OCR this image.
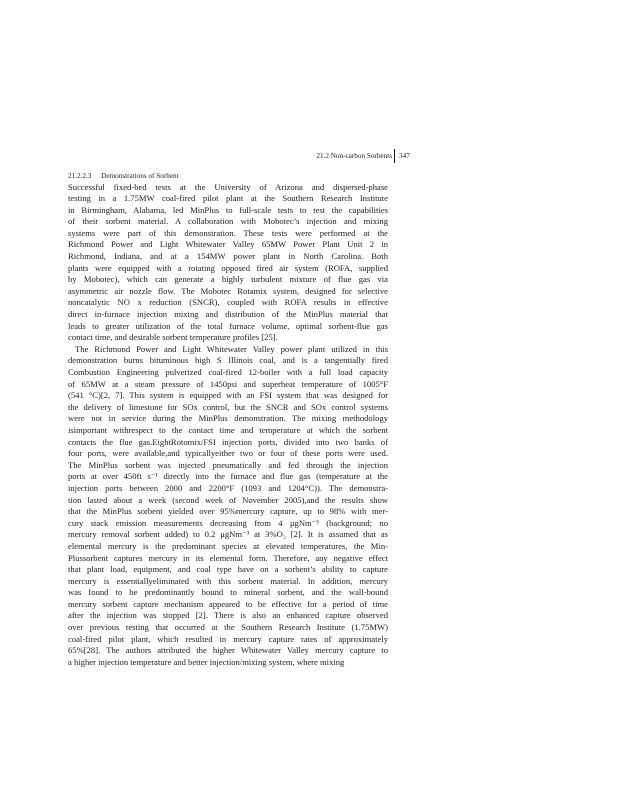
21.2 Non-carbon Sorbents 347
21.2.2.3 Demonstrations of Sorbent
Successful fixed-bed tests at the University of Arizona and dispersed-phase
testing in a 1.75MW coal-fired pilot plant at the Southern Research Institute
in Birmingham, Alabama, led MinPlus to full-scale tests to test the capabilities
of their sorbent material. A collaboration with Mobotec’s injection and mixing
systems were part of this demonstration. These tests were performed at the
Richmond Power and Light Whitewater Valley 65MW Power Plant Unit 2 in
Richmond, Indiana, and at a 154MW power plant in North Carolina. Both
plants were equipped with a rotating opposed fired air system (ROFA, supplied
by Mobotec), which can generate a highly turbulent mixture of flue gas via
asymmetric air nozzle flow. The Mobotec Rotamix system, designed for selective
noncatalytic NO x reduction (SNCR), coupled with ROFA results in effective
direct in-furnace injection mixing and distribution of the MinPlus material that
leads to greater utilization of the total furnace volume, optimal sorbent-flue gas
contact time, and desirable sorbent temperature profiles [25].
The Richmond Power and Light Whitewater Valley power plant utilized in this
demonstration burns bituminous high S Illinois coal, and is a tangentially fired
Combustion Engineering pulverized coal-fired 12-boiler with a full load capacity
of 65MW at a steam pressure of 1450psi and superheat temperature of 1005°F
(541 °C)[2, 7]. This system is equipped with an FSI system that was designed for
the delivery of limestone for SOx control, but the SNCR and SOx control systems
were not in service during the MinPlus demonstration. The mixing methodology
isimportant withrespect to the contact time and temperature at which the sorbent
contacts the flue gas.EightRotomix/FSI injection ports, divided into two banks of
four ports, were available,and typicallyeither two or four of these ports were used.
The MinPlus sorbent was injected pneumatically and fed through the injection
ports at over 450ft s⁻¹ directly into the furnace and flue gas (temperature at the
injection ports between 2000 and 2200°F (1093 and 1204°C)). The demonstra-
tion lasted about a week (second week of November 2005),and the results show
that the MinPlus sorbent yielded over 95%mercury capture, up to 98% with mer-
cury stack emission measurements decreasing from 4 μgNm⁻³ (background; no
mercury removal sorbent added) to 0.2 μgNm⁻³ at 3%O₂ [2]. It is assumed that as
elemental mercury is the predominant species at elevated temperatures, the Min-
Plussorbent captures mercury in its elemental form. Therefore, any negative effect
that plant load, equipment, and coal type have on a sorbent’s ability to capture
mercury is essentiallyeliminated with this sorbent material. In addition, mercury
was found to be predominantly bound to mineral sorbent, and the wall-bound
mercury sorbent capture mechanism appeared to be effective for a period of time
after the injection was stopped [2]. There is also an enhanced capture observed
over previous testing that occurred at the Southern Research Institute (1.75MW)
coal-fired pilot plant, which resulted in mercury capture rates of approximately
65%[28]. The authors attributed the higher Whitewater Valley mercury capture to
a higher injection temperature and better injection/mixing system, where mixing
